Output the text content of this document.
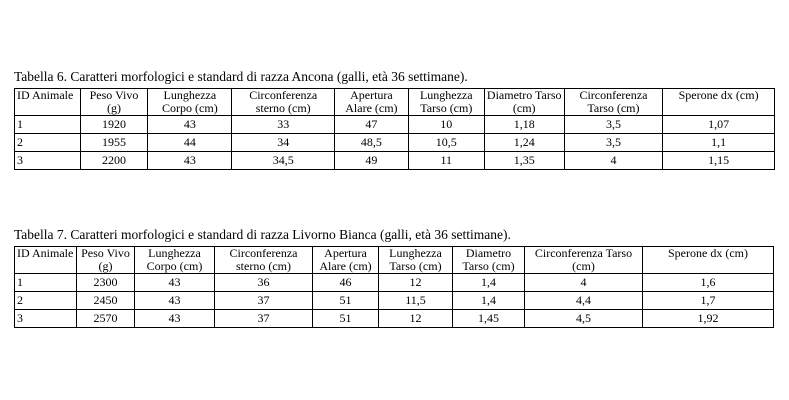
Tabella 6. Caratteri morfologici e standard di razza Ancona (galli, età 36 settimane).
ID Animale	Peso Vivo (g)	Lunghezza Corpo (cm)	Circonferenza sterno (cm)	Apertura Alare (cm)	Lunghezza Tarso (cm)	Diametro Tarso (cm)	Circonferenza Tarso (cm)	Sperone dx (cm)
1	1920	43	33	47	10	1,18	3,5	1,07
2	1955	44	34	48,5	10,5	1,24	3,5	1,1
3	2200	43	34,5	49	11	1,35	4	1,15
Tabella 7. Caratteri morfologici e standard di razza Livorno Bianca (galli, età 36 settimane).
ID Animale	Peso Vivo (g)	Lunghezza Corpo (cm)	Circonferenza sterno (cm)	Apertura Alare (cm)	Lunghezza Tarso (cm)	Diametro Tarso (cm)	Circonferenza Tarso (cm)	Sperone dx (cm)
1	2300	43	36	46	12	1,4	4	1,6
2	2450	43	37	51	11,5	1,4	4,4	1,7
3	2570	43	37	51	12	1,45	4,5	1,92
